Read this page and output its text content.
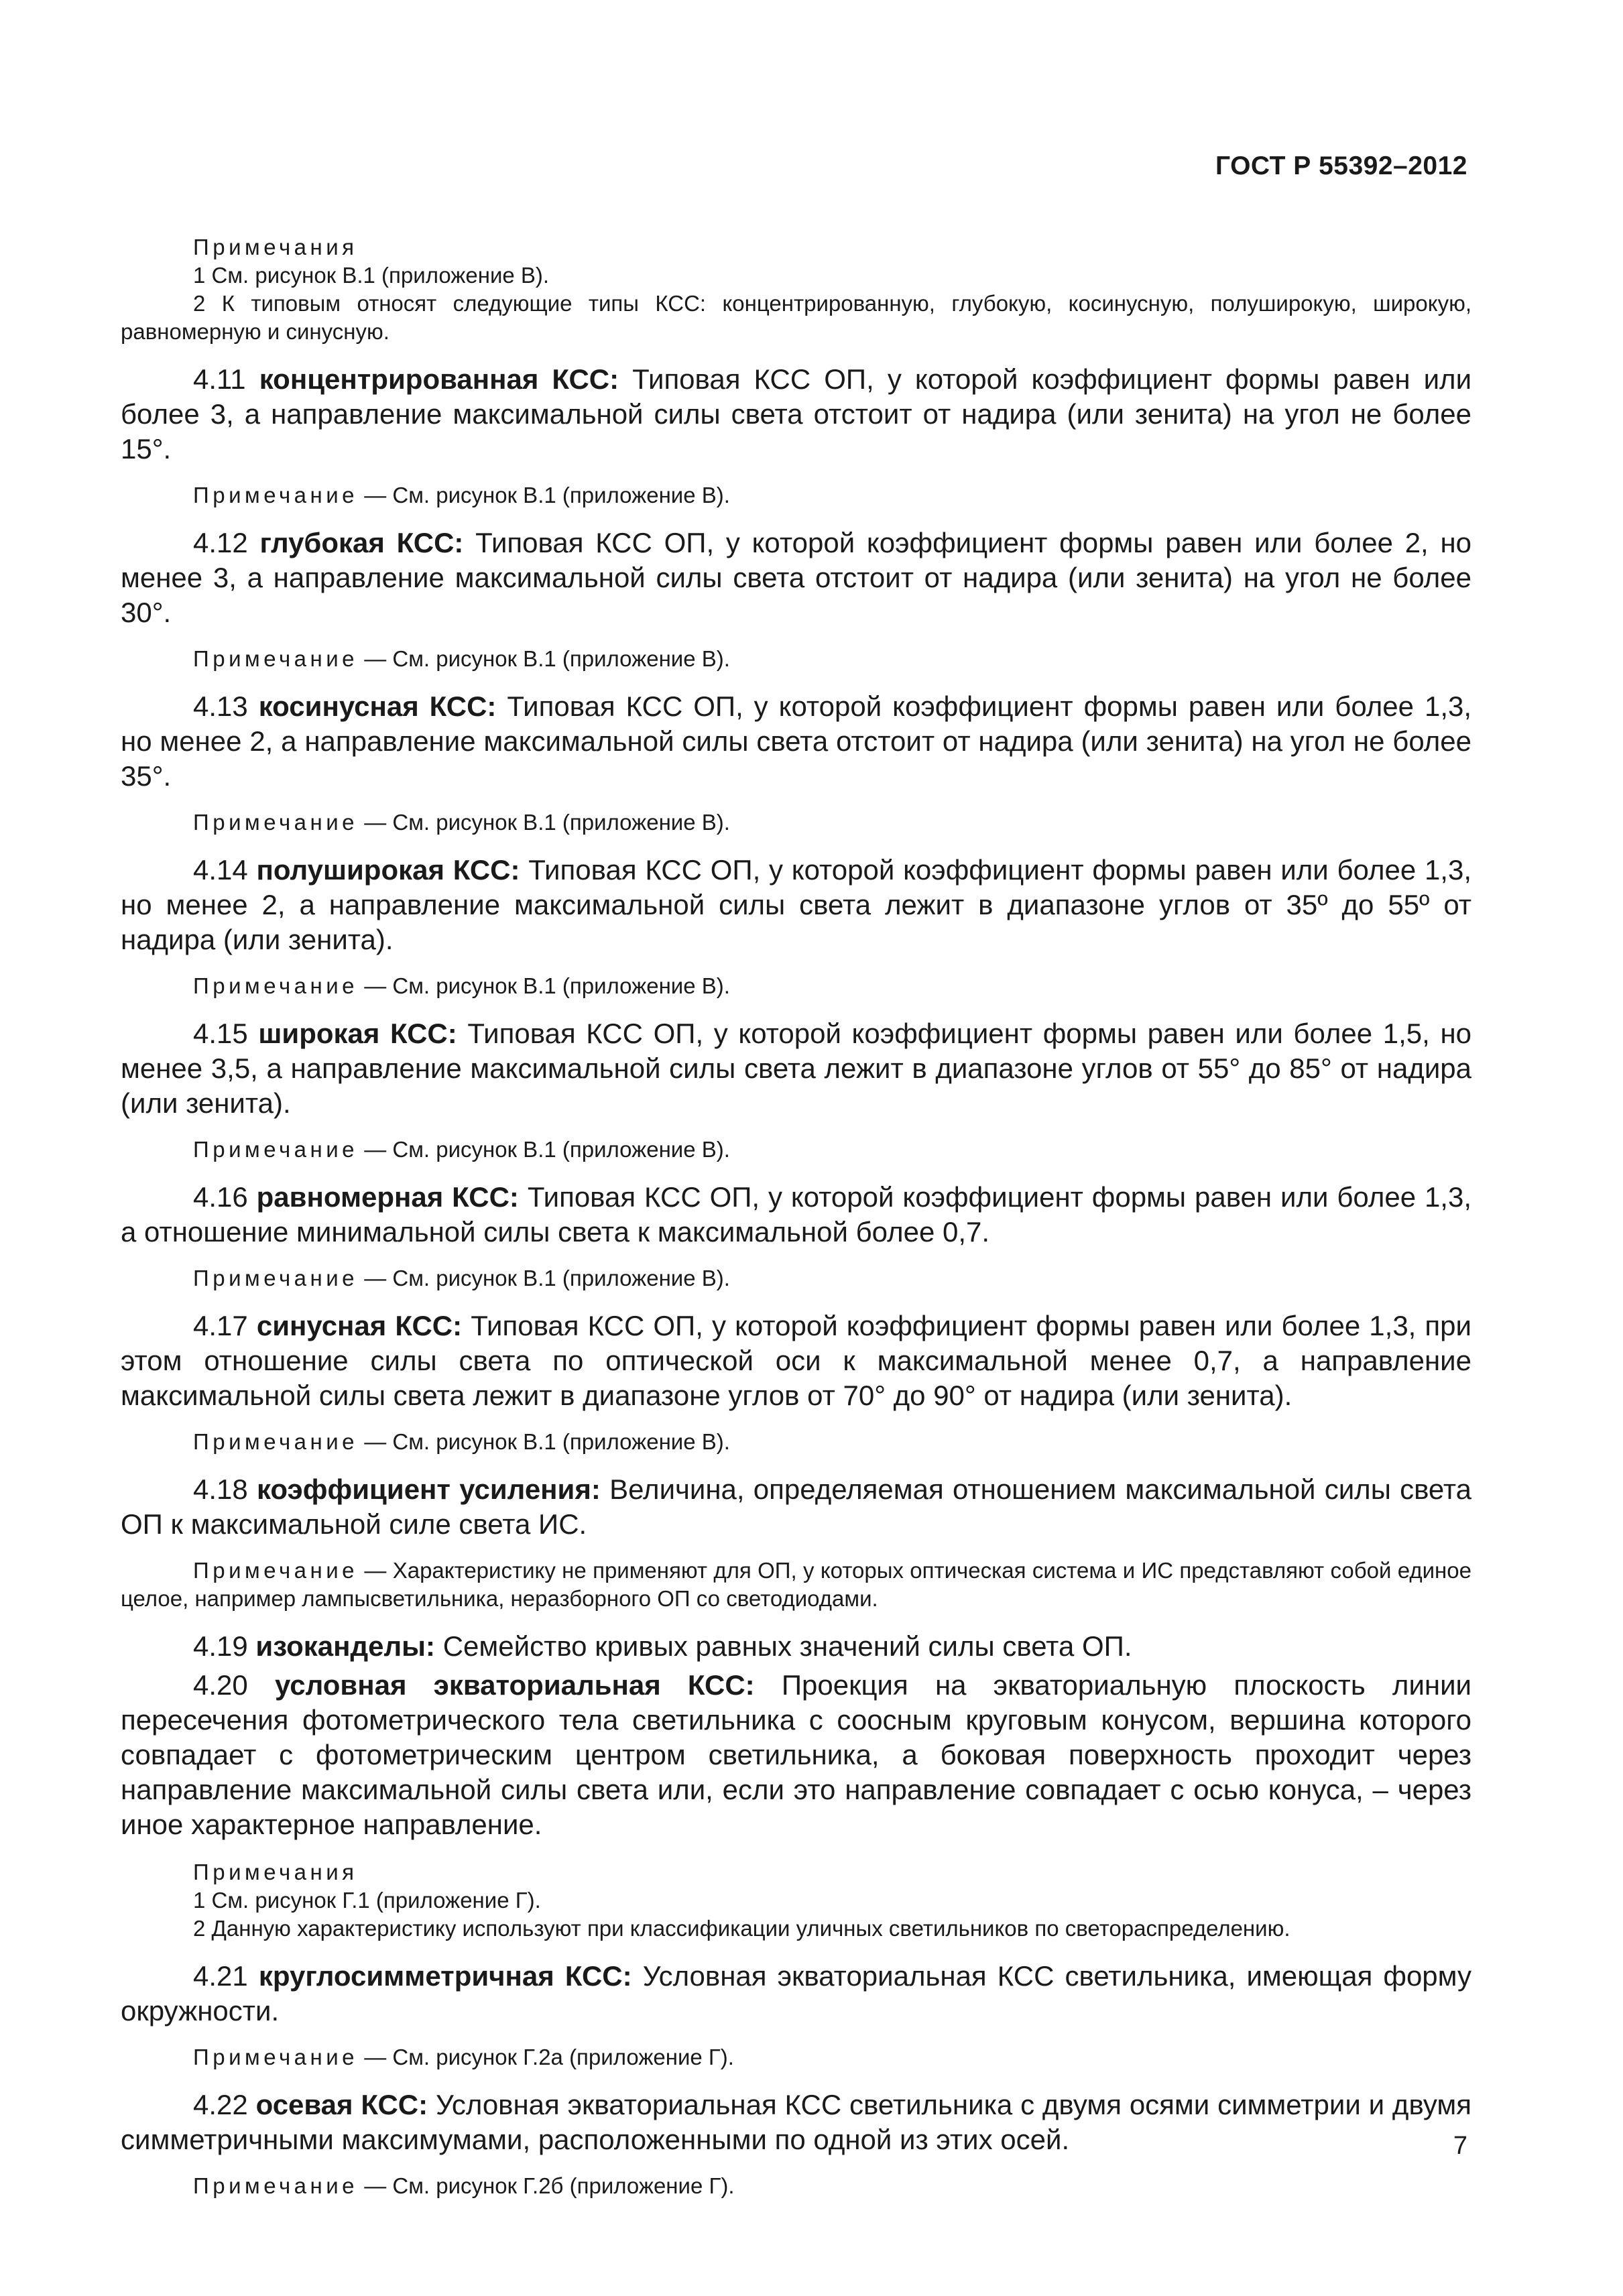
ГОСТ Р 55392–2012

Примечания

1 См. рисунок В.1 (приложение В).

2 К типовым относят следующие типы КСС: концентрированную, глубокую, косинусную, полуширокую, широкую, равномерную и синусную.

4.11 концентрированная КСС: Типовая КСС ОП, у которой коэффициент формы равен или более 3, а направление максимальной силы света отстоит от надира (или зенита) на угол не более 15°.

Примечание — См. рисунок В.1 (приложение В).

4.12 глубокая КСС: Типовая КСС ОП, у которой коэффициент формы равен или более 2, но менее 3, а направление максимальной силы света отстоит от надира (или зенита) на угол не более 30°.

Примечание — См. рисунок В.1 (приложение В).

4.13 косинусная КСС: Типовая КСС ОП, у которой коэффициент формы равен или более 1,3, но менее 2, а направление максимальной силы света отстоит от надира (или зенита) на угол не более 35°.

Примечание — См. рисунок В.1 (приложение В).

4.14 полуширокая КСС: Типовая КСС ОП, у которой коэффициент формы равен или более 1,3, но менее 2, а направление максимальной силы света лежит в диапазоне углов от 35º до 55º от надира (или зенита).

Примечание — См. рисунок В.1 (приложение В).

4.15 широкая КСС: Типовая КСС ОП, у которой коэффициент формы равен или более 1,5, но менее 3,5, а направление максимальной силы света лежит в диапазоне углов от 55° до 85° от надира (или зенита).

Примечание — См. рисунок В.1 (приложение В).

4.16 равномерная КСС: Типовая КСС ОП, у которой коэффициент формы равен или более 1,3, а отношение минимальной силы света к максимальной более 0,7.

Примечание — См. рисунок В.1 (приложение В).

4.17 синусная КСС: Типовая КСС ОП, у которой коэффициент формы равен или более 1,3, при этом отношение силы света по оптической оси к максимальной менее 0,7, а направление максимальной силы света лежит в диапазоне углов от 70° до 90° от надира (или зенита).

Примечание — См. рисунок В.1 (приложение В).

4.18 коэффициент усиления: Величина, определяемая отношением максимальной силы света ОП к максимальной силе света ИС.

Примечание — Характеристику не применяют для ОП, у которых оптическая система и ИС представляют собой единое целое, например лампысветильника, неразборного ОП со светодиодами.

4.19 изоканделы: Семейство кривых равных значений силы света ОП.

4.20 условная экваториальная КСС: Проекция на экваториальную плоскость линии пересечения фотометрического тела светильника с соосным круговым конусом, вершина которого совпадает с фотометрическим центром светильника, а боковая поверхность проходит через направление максимальной силы света или, если это направление совпадает с осью конуса, – через иное характерное направление.

Примечания

1 См. рисунок Г.1 (приложение Г).

2 Данную характеристику используют при классификации уличных светильников по светораспределению.

4.21 круглосимметричная КСС: Условная экваториальная КСС светильника, имеющая форму окружности.

Примечание — См. рисунок Г.2а (приложение Г).

4.22 осевая КСС: Условная экваториальная КСС светильника с двумя осями симметрии и двумя симметричными максимумами, расположенными по одной из этих осей.

Примечание — См. рисунок Г.2б (приложение Г).

7
